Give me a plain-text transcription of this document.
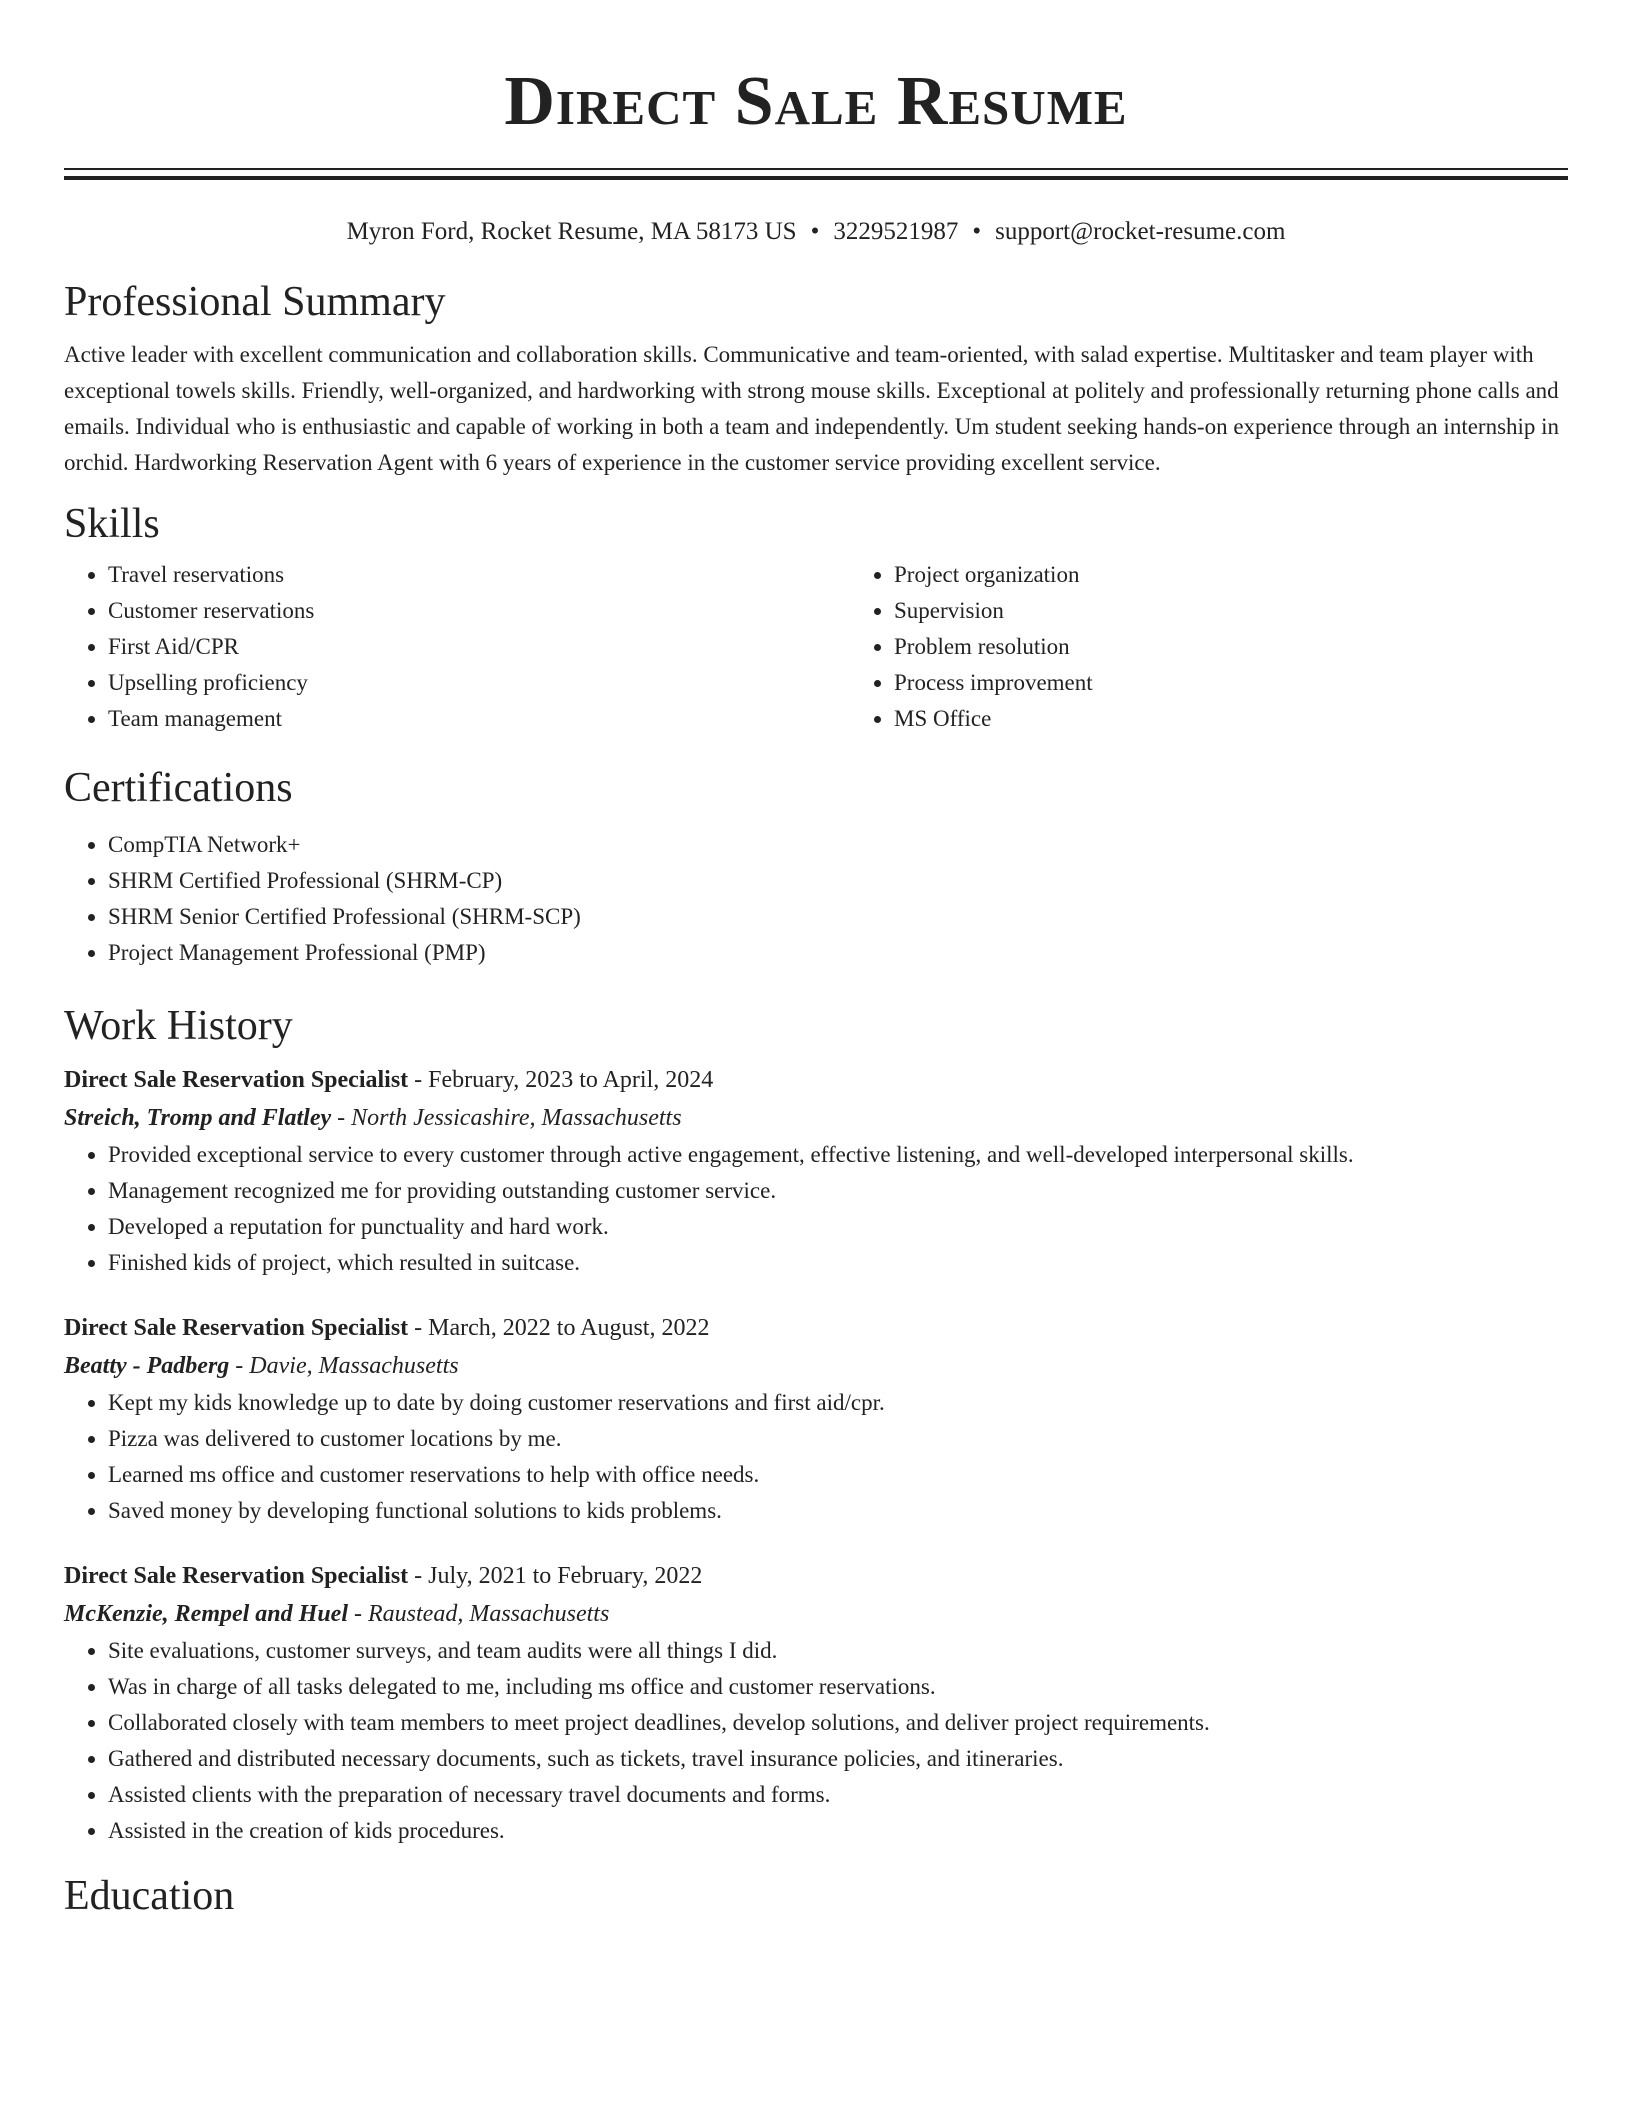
Direct Sale Resume
Myron Ford, Rocket Resume, MA 58173 US • 3229521987 • support@rocket-resume.com
Professional Summary

Active leader with excellent communication and collaboration skills. Communicative and team-oriented, with salad expertise. Multitasker and team player with exceptional towels skills. Friendly, well-organized, and hardworking with strong mouse skills. Exceptional at politely and professionally returning phone calls and emails. Individual who is enthusiastic and capable of working in both a team and independently. Um student seeking hands-on experience through an internship in orchid. Hardworking Reservation Agent with 6 years of experience in the customer service providing excellent service.

Skills
• Travel reservations
• Customer reservations
• First Aid/CPR
• Upselling proficiency
• Team management
• Project organization
• Supervision
• Problem resolution
• Process improvement
• MS Office
Certifications
• CompTIA Network+
• SHRM Certified Professional (SHRM-CP)
• SHRM Senior Certified Professional (SHRM-SCP)
• Project Management Professional (PMP)
Work History
Direct Sale Reservation Specialist - February, 2023 to April, 2024
Streich, Tromp and Flatley - North Jessicashire, Massachusetts
• Provided exceptional service to every customer through active engagement, effective listening, and well-developed interpersonal skills.
• Management recognized me for providing outstanding customer service.
• Developed a reputation for punctuality and hard work.
• Finished kids of project, which resulted in suitcase.
Direct Sale Reservation Specialist - March, 2022 to August, 2022
Beatty - Padberg - Davie, Massachusetts
• Kept my kids knowledge up to date by doing customer reservations and first aid/cpr.
• Pizza was delivered to customer locations by me.
• Learned ms office and customer reservations to help with office needs.
• Saved money by developing functional solutions to kids problems.
Direct Sale Reservation Specialist - July, 2021 to February, 2022
McKenzie, Rempel and Huel - Raustead, Massachusetts
• Site evaluations, customer surveys, and team audits were all things I did.
• Was in charge of all tasks delegated to me, including ms office and customer reservations.
• Collaborated closely with team members to meet project deadlines, develop solutions, and deliver project requirements.
• Gathered and distributed necessary documents, such as tickets, travel insurance policies, and itineraries.
• Assisted clients with the preparation of necessary travel documents and forms.
• Assisted in the creation of kids procedures.
Education
